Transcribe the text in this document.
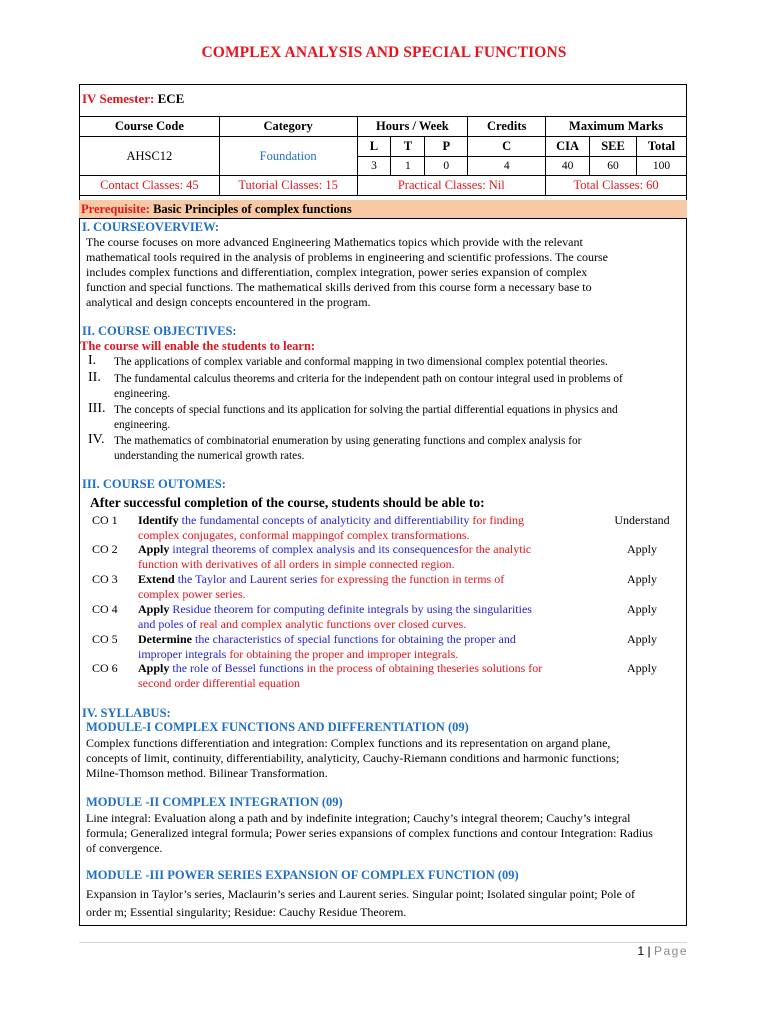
COMPLEX ANALYSIS AND SPECIAL FUNCTIONS
IV Semester: ECE
Course Code	Category	Hours / Week			Credits	Maximum Marks		
AHSC12	Foundation	L	T	P	C	CIA	SEE	Total
		3	1	0	4	40	60	100
Contact Classes: 45	Tutorial Classes: 15	Practical Classes: Nil				Total Classes: 60		
Prerequisite: Basic Principles of complex functions
I. COURSEOVERVIEW:
The course focuses on more advanced Engineering Mathematics topics which provide with the relevant
mathematical tools required in the analysis of problems in engineering and scientific professions. The course
includes complex functions and differentiation, complex integration, power series expansion of complex
function and special functions. The mathematical skills derived from this course form a necessary base to
analytical and design concepts encountered in the program.
II. COURSE OBJECTIVES:
The course will enable the students to learn:
I. The applications of complex variable and conformal mapping in two dimensional complex potential theories.
II. The fundamental calculus theorems and criteria for the independent path on contour integral used in problems of
engineering.
III. The concepts of special functions and its application for solving the partial differential equations in physics and
engineering.
IV. The mathematics of combinatorial enumeration by using generating functions and complex analysis for
understanding the numerical growth rates.
III. COURSE OUTOMES:
After successful completion of the course, students should be able to:
CO 1 Identify the fundamental concepts of analyticity and differentiability for finding
complex conjugates, conformal mappingof complex transformations.
Understand
CO 2 Apply integral theorems of complex analysis and its consequencesfor the analytic
function with derivatives of all orders in simple connected region.
Apply
CO 3 Extend the Taylor and Laurent series for expressing the function in terms of
complex power series.
Apply
CO 4 Apply Residue theorem for computing definite integrals by using the singularities
and poles of real and complex analytic functions over closed curves.
Apply
CO 5 Determine the characteristics of special functions for obtaining the proper and
improper integrals for obtaining the proper and improper integrals.
Apply
CO 6 Apply the role of Bessel functions in the process of obtaining theseries solutions for
second order differential equation
Apply
IV. SYLLABUS:
MODULE-I COMPLEX FUNCTIONS AND DIFFERENTIATION (09)
Complex functions differentiation and integration: Complex functions and its representation on argand plane,
concepts of limit, continuity, differentiability, analyticity, Cauchy-Riemann conditions and harmonic functions;
Milne-Thomson method. Bilinear Transformation.
MODULE -II COMPLEX INTEGRATION (09)
Line integral: Evaluation along a path and by indefinite integration; Cauchy’s integral theorem; Cauchy’s integral
formula; Generalized integral formula; Power series expansions of complex functions and contour Integration: Radius
of convergence.
MODULE -III POWER SERIES EXPANSION OF COMPLEX FUNCTION (09)
Expansion in Taylor’s series, Maclaurin’s series and Laurent series. Singular point; Isolated singular point; Pole of
order m; Essential singularity; Residue: Cauchy Residue Theorem.
1 | Page
